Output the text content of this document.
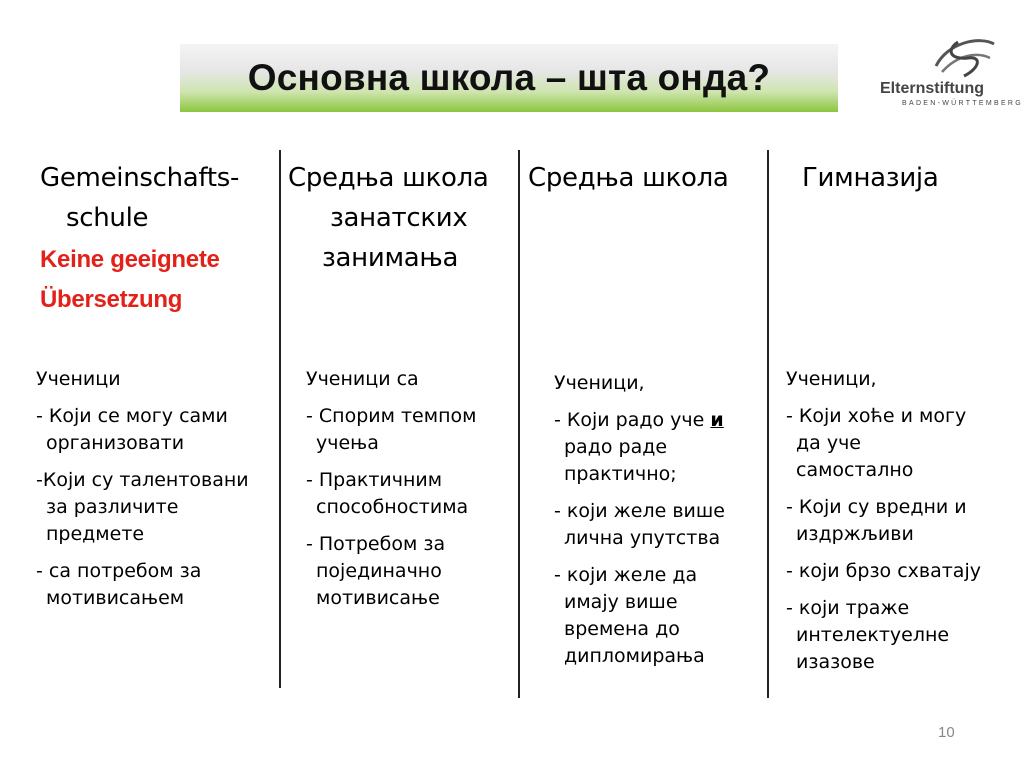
Основна школа – шта онда?	Elternstiftung
BADEN-WÜRTTEMBERG
Gemeinschafts-
schule
Keine geeignete
Übersetzung
Средња школа
занатских
занимања
Средња школа	Гимназија
Ученици
- Који се могу сами
организовати
-Који су талентовани
за различите
предмете
- са потребом за
мотивисањем
Ученици са
- Спорим темпом
учења
- Практичним
способностима
- Потребом за
појединачно
мотивисање
Ученици,
- Који радо уче и
радо раде
практично;
- који желе више
лична упутства
- који желе да
имају више
времена до
дипломирања
Ученици,
- Који хоће и могу
да уче
самостално
- Који су вредни и
издржљиви
- који брзо схватају
- који траже
интелектуелне
изазове
10
